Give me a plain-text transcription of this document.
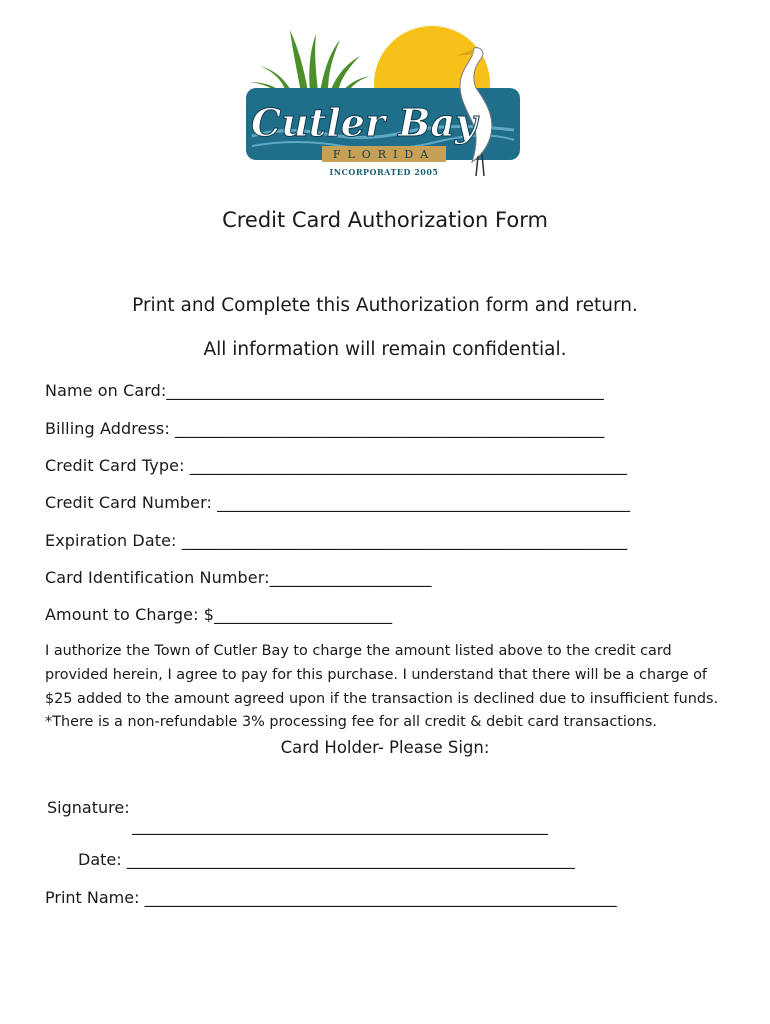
Cutler Bay
FLORIDA
INCORPORATED 2005
Credit Card Authorization Form
Print and Complete this Authorization form and return.
All information will remain confidential.
Name on Card:______________________________________________________
Billing Address: _____________________________________________________
Credit Card Type: ______________________________________________________
Credit Card Number: ___________________________________________________
Expiration Date: _______________________________________________________
Card Identification Number:____________________
Amount to Charge: $______________________
I authorize the Town of Cutler Bay to charge the amount listed above to the credit card
provided herein, I agree to pay for this purchase. I understand that there will be a charge of
$25 added to the amount agreed upon if the transaction is declined due to insufficient funds.
*There is a non-refundable 3% processing fee for all credit & debit card transactions.
Card Holder- Please Sign:
Signature:
____________________________________________________
Date: ________________________________________________________
Print Name: ___________________________________________________________
